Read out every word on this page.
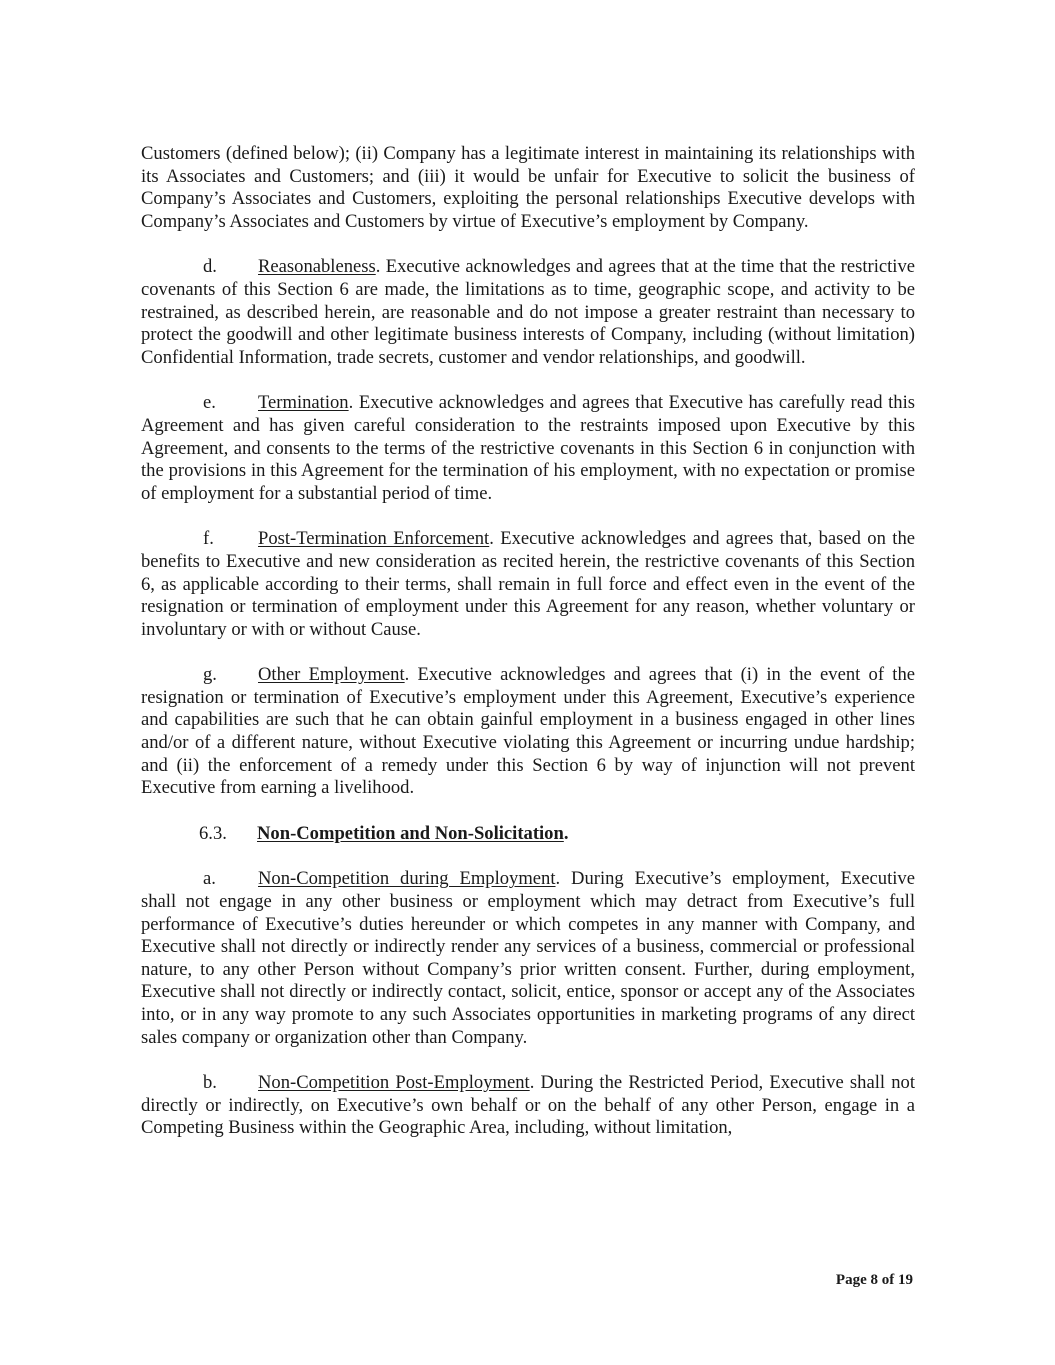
Customers (defined below); (ii) Company has a legitimate interest in maintaining its relationships with its Associates and Customers; and (iii) it would be unfair for Executive to solicit the business of Company’s Associates and Customers, exploiting the personal relationships Executive develops with Company’s Associates and Customers by virtue of Executive’s employment by Company.

d. Reasonableness. Executive acknowledges and agrees that at the time that the restrictive covenants of this Section 6 are made, the limitations as to time, geographic scope, and activity to be restrained, as described herein, are reasonable and do not impose a greater restraint than necessary to protect the goodwill and other legitimate business interests of Company, including (without limitation) Confidential Information, trade secrets, customer and vendor relationships, and goodwill.

e. Termination. Executive acknowledges and agrees that Executive has carefully read this Agreement and has given careful consideration to the restraints imposed upon Executive by this Agreement, and consents to the terms of the restrictive covenants in this Section 6 in conjunction with the provisions in this Agreement for the termination of his employment, with no expectation or promise of employment for a substantial period of time.

f. Post-Termination Enforcement. Executive acknowledges and agrees that, based on the benefits to Executive and new consideration as recited herein, the restrictive covenants of this Section 6, as applicable according to their terms, shall remain in full force and effect even in the event of the resignation or termination of employment under this Agreement for any reason, whether voluntary or involuntary or with or without Cause.

g. Other Employment. Executive acknowledges and agrees that (i) in the event of the resignation or termination of Executive’s employment under this Agreement, Executive’s experience and capabilities are such that he can obtain gainful employment in a business engaged in other lines and/or of a different nature, without Executive violating this Agreement or incurring undue hardship; and (ii) the enforcement of a remedy under this Section 6 by way of injunction will not prevent Executive from earning a livelihood.

6.3. Non-Competition and Non-Solicitation.

a. Non-Competition during Employment. During Executive’s employment, Executive shall not engage in any other business or employment which may detract from Executive’s full performance of Executive’s duties hereunder or which competes in any manner with Company, and Executive shall not directly or indirectly render any services of a business, commercial or professional nature, to any other Person without Company’s prior written consent. Further, during employment, Executive shall not directly or indirectly contact, solicit, entice, sponsor or accept any of the Associates into, or in any way promote to any such Associates opportunities in marketing programs of any direct sales company or organization other than Company.

b. Non-Competition Post-Employment. During the Restricted Period, Executive shall not directly or indirectly, on Executive’s own behalf or on the behalf of any other Person, engage in a Competing Business within the Geographic Area, including, without limitation,

Page 8 of 19
